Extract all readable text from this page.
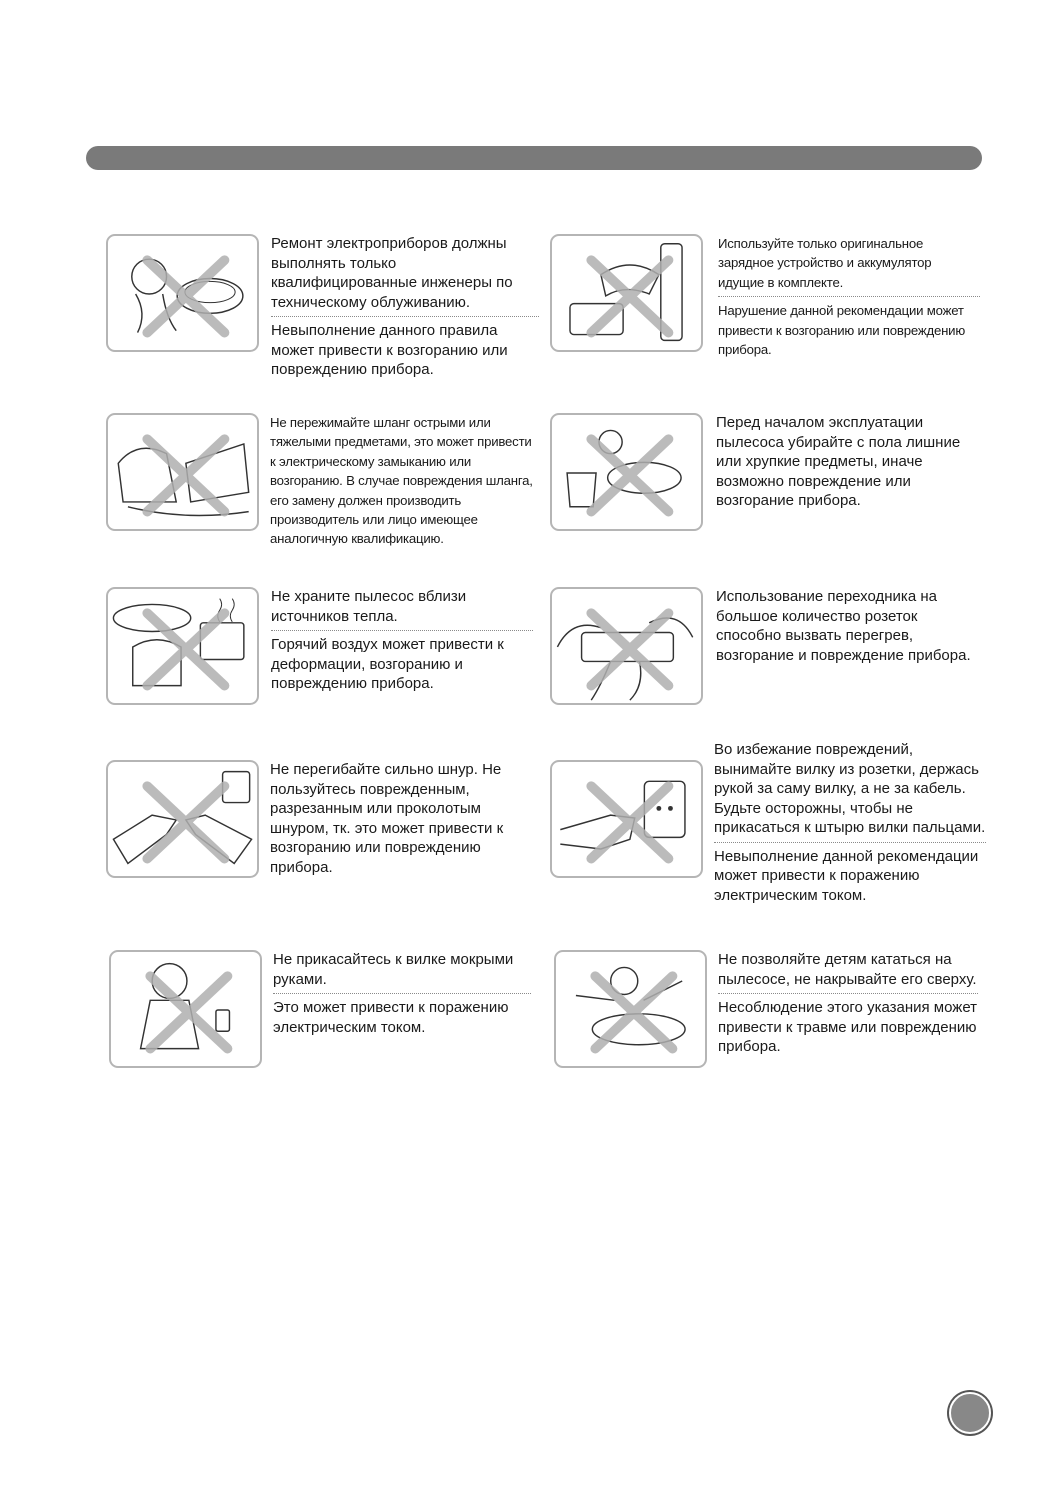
Ремонт электроприборов должны выполнять только квалифицированные инженеры по техническому облуживанию.
Невыполнение данного правила может привести к возгоранию или повреждению прибора.
Используйте только оригинальное зарядное устройство и аккумулятор идущие в комплекте.
Нарушение данной рекомендации может привести к возгоранию или повреждению прибора.
Не пережимайте шланг острыми или тяжелыми предметами, это может привести к электрическому замыканию или возгоранию. В случае повреждения шланга, его замену должен производить производитель или лицо имеющее аналогичную квалификацию.
Перед началом эксплуатации пылесоса убирайте с пола лишние или хрупкие предметы, иначе возможно повреждение или возгорание прибора.
Не храните пылесос вблизи источников тепла.
Горячий воздух может привести к деформации, возгоранию и повреждению прибора.
Использование переходника на большое количество розеток способно вызвать перегрев, возгорание и повреждение прибора.
Не перегибайте сильно шнур. Не пользуйтесь поврежденным, разрезанным или проколотым шнуром, тк. это может привести к возгоранию или повреждению прибора.
Во избежание повреждений, вынимайте вилку из розетки, держась рукой за саму вилку, а не за кабель. Будьте осторожны, чтобы не прикасаться к штырю вилки пальцами.
Невыполнение данной рекомендации может привести к поражению электрическим током.
Не прикасайтесь к вилке мокрыми руками.
Это может привести к поражению электрическим током.
Не позволяйте детям кататься на пылесосе, не накрывайте его сверху.
Несоблюдение этого указания может привести к травме или повреждению прибора.
